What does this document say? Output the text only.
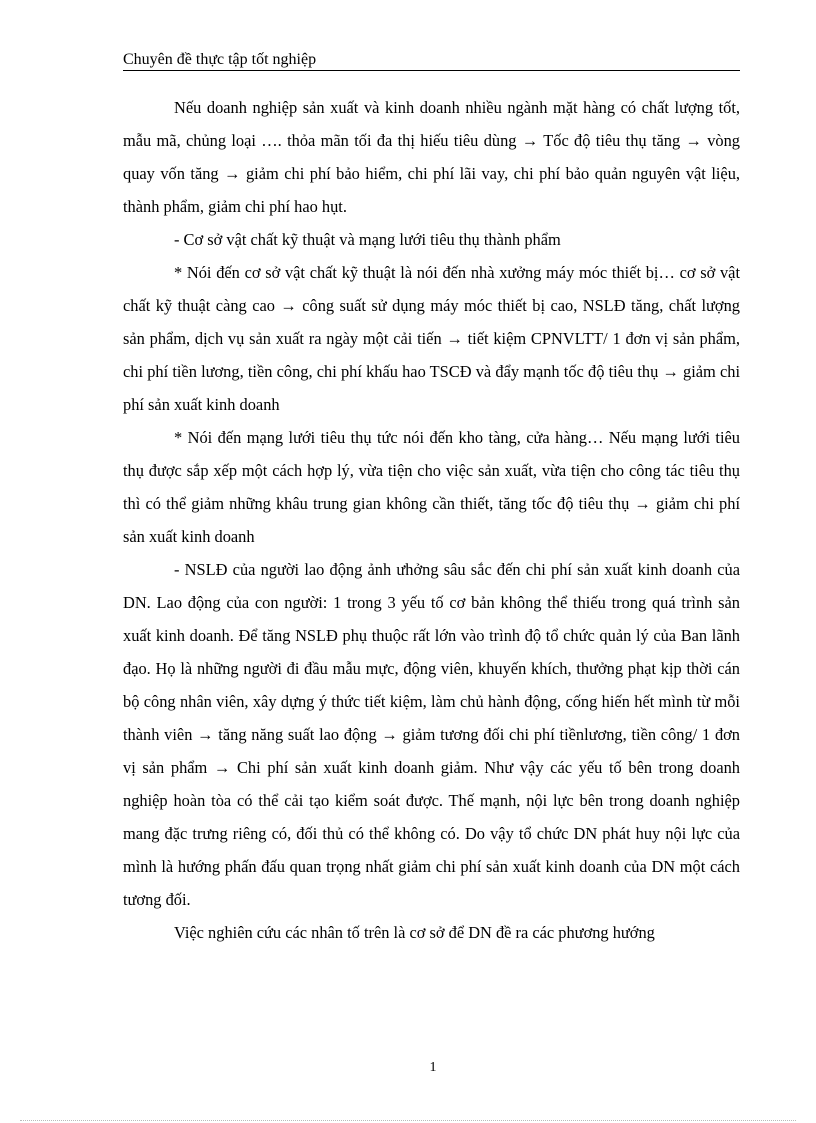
Chuyên đề thực tập tốt nghiệp

Nếu doanh nghiệp sản xuất và kinh doanh nhiều ngành mặt hàng có chất lượng tốt, mẫu mã, chủng loại …. thỏa mãn tối đa thị hiếu tiêu dùng → Tốc độ tiêu thụ tăng → vòng quay vốn tăng → giảm chi phí bảo hiểm, chi phí lãi vay, chi phí bảo quản nguyên vật liệu, thành phẩm, giảm chi phí hao hụt.

- Cơ sở vật chất kỹ thuật và mạng lưới tiêu thụ thành phẩm

* Nói đến cơ sở vật chất kỹ thuật là nói đến nhà xưởng máy móc thiết bị… cơ sở vật chất kỹ thuật càng cao → công suất sử dụng máy móc thiết bị cao, NSLĐ tăng, chất lượng sản phẩm, dịch vụ sản xuất ra ngày một cải tiến → tiết kiệm CPNVLTT/ 1 đơn vị sản phẩm, chi phí tiền lương, tiền công, chi phí khấu hao TSCĐ và đẩy mạnh tốc độ tiêu thụ → giảm chi phí sản xuất kinh doanh

* Nói đến mạng lưới tiêu thụ tức nói đến kho tàng, cửa hàng… Nếu mạng lưới tiêu thụ được sắp xếp một cách hợp lý, vừa tiện cho việc sản xuất, vừa tiện cho công tác tiêu thụ thì có thể giảm những khâu trung gian không cần thiết, tăng tốc độ tiêu thụ → giảm chi phí sản xuất kinh doanh

- NSLĐ của người lao động ảnh ưhởng sâu sắc đến chi phí sản xuất kinh doanh của DN. Lao động của con người: 1 trong 3 yếu tố cơ bản không thể thiếu trong quá trình sản xuất kinh doanh. Để tăng NSLĐ phụ thuộc rất lớn vào trình độ tổ chức quản lý của Ban lãnh đạo. Họ là những người đi đầu mẫu mực, động viên, khuyến khích, thưởng phạt kịp thời cán bộ công nhân viên, xây dựng ý thức tiết kiệm, làm chủ hành động, cống hiến hết mình từ mỗi thành viên → tăng năng suất lao động → giảm tương đối chi phí tiềnlương, tiền công/ 1 đơn vị sản phẩm → Chi phí sản xuất kinh doanh giảm. Như vậy các yếu tố bên trong doanh nghiệp hoàn tòa có thể cải tạo kiểm soát được. Thế mạnh, nội lực bên trong doanh nghiệp mang đặc trưng riêng có, đối thủ có thể không có. Do vậy tổ chức DN phát huy nội lực của mình là hướng phấn đấu quan trọng nhất giảm chi phí sản xuất kinh doanh của DN một cách tương đối.

Việc nghiên cứu các nhân tố trên là cơ sở để DN đề ra các phương hướng

1
